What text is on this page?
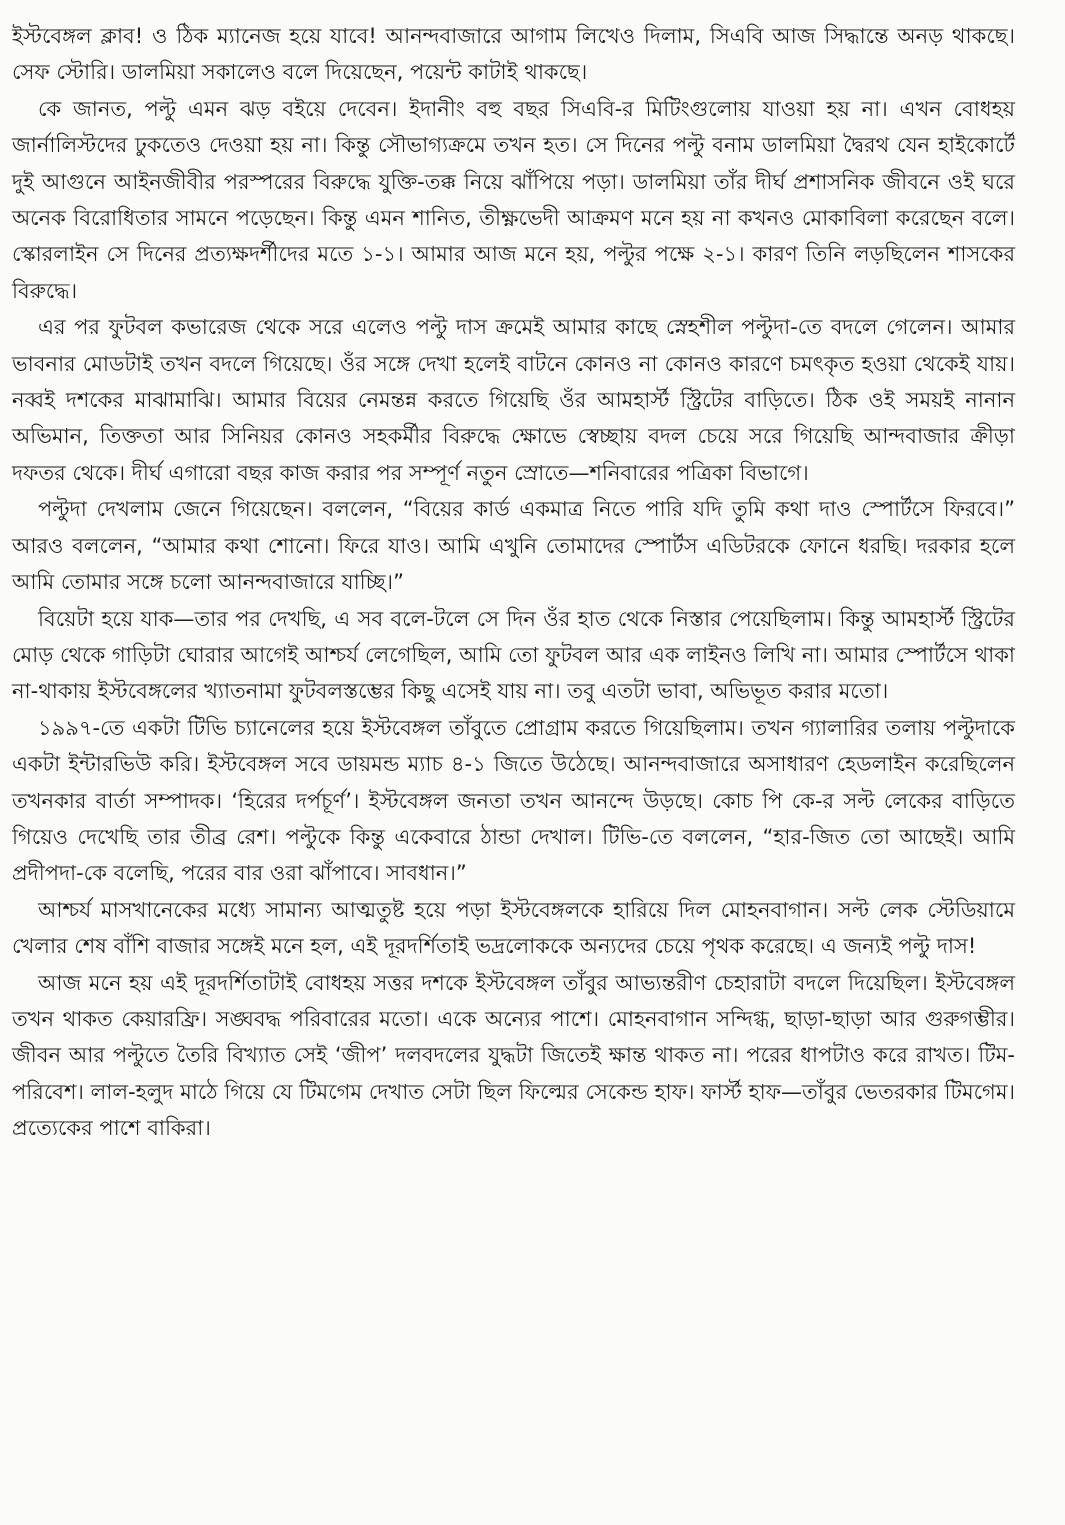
ইস্টবেঙ্গল ক্লাব! ও ঠিক ম্যানেজ হয়ে যাবে! আনন্দবাজারে আগাম লিখেও দিলাম, সিএবি আজ সিদ্ধান্তে অনড় থাকছে। সেফ স্টোরি। ডালমিয়া সকালেও বলে দিয়েছেন, পয়েন্ট কাটাই থাকছে।

কে জানত, পল্টু এমন ঝড় বইয়ে দেবেন। ইদানীং বহু বছর সিএবি-র মিটিংগুলোয় যাওয়া হয় না। এখন বোধহয় জার্নালিস্টদের ঢুকতেও দেওয়া হয় না। কিন্তু সৌভাগ্যক্রমে তখন হত। সে দিনের পল্টু বনাম ডালমিয়া দ্বৈরথ যেন হাইকোর্টে দুই আগুনে আইনজীবীর পরস্পরের বিরুদ্ধে যুক্তি-তক্ক নিয়ে ঝাঁপিয়ে পড়া। ডালমিয়া তাঁর দীর্ঘ প্রশাসনিক জীবনে ওই ঘরে অনেক বিরোধিতার সামনে পড়েছেন। কিন্তু এমন শানিত, তীক্ষ্ণভেদী আক্রমণ মনে হয় না কখনও মোকাবিলা করেছেন বলে। স্কোরলাইন সে দিনের প্রত্যক্ষদর্শীদের মতে ১-১। আমার আজ মনে হয়, পল্টুর পক্ষে ২-১। কারণ তিনি লড়ছিলেন শাসকের বিরুদ্ধে।

এর পর ফুটবল কভারেজ থেকে সরে এলেও পল্টু দাস ক্রমেই আমার কাছে স্নেহশীল পল্টুদা-তে বদলে গেলেন। আমার ভাবনার মোডটাই তখন বদলে গিয়েছে। ওঁর সঙ্গে দেখা হলেই বাটনে কোনও না কোনও কারণে চমৎকৃত হওয়া থেকেই যায়। নব্বই দশকের মাঝামাঝি। আমার বিয়ের নেমন্তন্ন করতে গিয়েছি ওঁর আমহার্স্ট স্ট্রিটের বাড়িতে। ঠিক ওই সময়ই নানান অভিমান, তিক্ততা আর সিনিয়র কোনও সহকর্মীর বিরুদ্ধে ক্ষোভে স্বেচ্ছায় বদল চেয়ে সরে গিয়েছি আন্দবাজার ক্রীড়া দফতর থেকে। দীর্ঘ এগারো বছর কাজ করার পর সম্পূর্ণ নতুন স্রোতে—শনিবারের পত্রিকা বিভাগে।

পল্টুদা দেখলাম জেনে গিয়েছেন। বললেন, “বিয়ের কার্ড একমাত্র নিতে পারি যদি তুমি কথা দাও স্পোর্টসে ফিরবে।” আরও বললেন, “আমার কথা শোনো। ফিরে যাও। আমি এখুনি তোমাদের স্পোর্টস এডিটরকে ফোনে ধরছি। দরকার হলে আমি তোমার সঙ্গে চলো আনন্দবাজারে যাচ্ছি।”

বিয়েটা হয়ে যাক—তার পর দেখছি, এ সব বলে-টলে সে দিন ওঁর হাত থেকে নিস্তার পেয়েছিলাম। কিন্তু আমহার্স্ট স্ট্রিটের মোড় থেকে গাড়িটা ঘোরার আগেই আশ্চর্য লেগেছিল, আমি তো ফুটবল আর এক লাইনও লিখি না। আমার স্পোর্টসে থাকা না-থাকায় ইস্টবেঙ্গলের খ্যাতনামা ফুটবলস্তম্ভের কিছু এসেই যায় না। তবু এতটা ভাবা, অভিভূত করার মতো।

১৯৯৭-তে একটা টিভি চ্যানেলের হয়ে ইস্টবেঙ্গল তাঁবুতে প্রোগ্রাম করতে গিয়েছিলাম। তখন গ্যালারির তলায় পল্টুদাকে একটা ইন্টারভিউ করি। ইস্টবেঙ্গল সবে ডায়মন্ড ম্যাচ ৪-১ জিতে উঠেছে। আনন্দবাজারে অসাধারণ হেডলাইন করেছিলেন তখনকার বার্তা সম্পাদক। ‘হিরের দর্পচূর্ণ’। ইস্টবেঙ্গল জনতা তখন আনন্দে উড়ছে। কোচ পি কে-র সল্ট লেকের বাড়িতে গিয়েও দেখেছি তার তীব্র রেশ। পল্টুকে কিন্তু একেবারে ঠান্ডা দেখাল। টিভি-তে বললেন, “হার-জিত তো আছেই। আমি প্রদীপদা-কে বলেছি, পরের বার ওরা ঝাঁপাবে। সাবধান।”

আশ্চর্য মাসখানেকের মধ্যে সামান্য আত্মতুষ্ট হয়ে পড়া ইস্টবেঙ্গলকে হারিয়ে দিল মোহনবাগান। সল্ট লেক স্টেডিয়ামে খেলার শেষ বাঁশি বাজার সঙ্গেই মনে হল, এই দূরদর্শিতাই ভদ্রলোককে অন্যদের চেয়ে পৃথক করেছে। এ জন্যই পল্টু দাস!

আজ মনে হয় এই দূরদর্শিতাটাই বোধহয় সত্তর দশকে ইস্টবেঙ্গল তাঁবুর আভ্যন্তরীণ চেহারাটা বদলে দিয়েছিল। ইস্টবেঙ্গল তখন থাকত কেয়ারফ্রি। সঙ্ঘবদ্ধ পরিবারের মতো। একে অন্যের পাশে। মোহনবাগান সন্দিগ্ধ, ছাড়া-ছাড়া আর গুরুগম্ভীর। জীবন আর পল্টুতে তৈরি বিখ্যাত সেই ‘জীপ’ দলবদলের যুদ্ধটা জিতেই ক্ষান্ত থাকত না। পরের ধাপটাও করে রাখত। টিম-পরিবেশ। লাল-হলুদ মাঠে গিয়ে যে টিমগেম দেখাত সেটা ছিল ফিল্মের সেকেন্ড হাফ। ফার্স্ট হাফ—তাঁবুর ভেতরকার টিমগেম। প্রত্যেকের পাশে বাকিরা।
